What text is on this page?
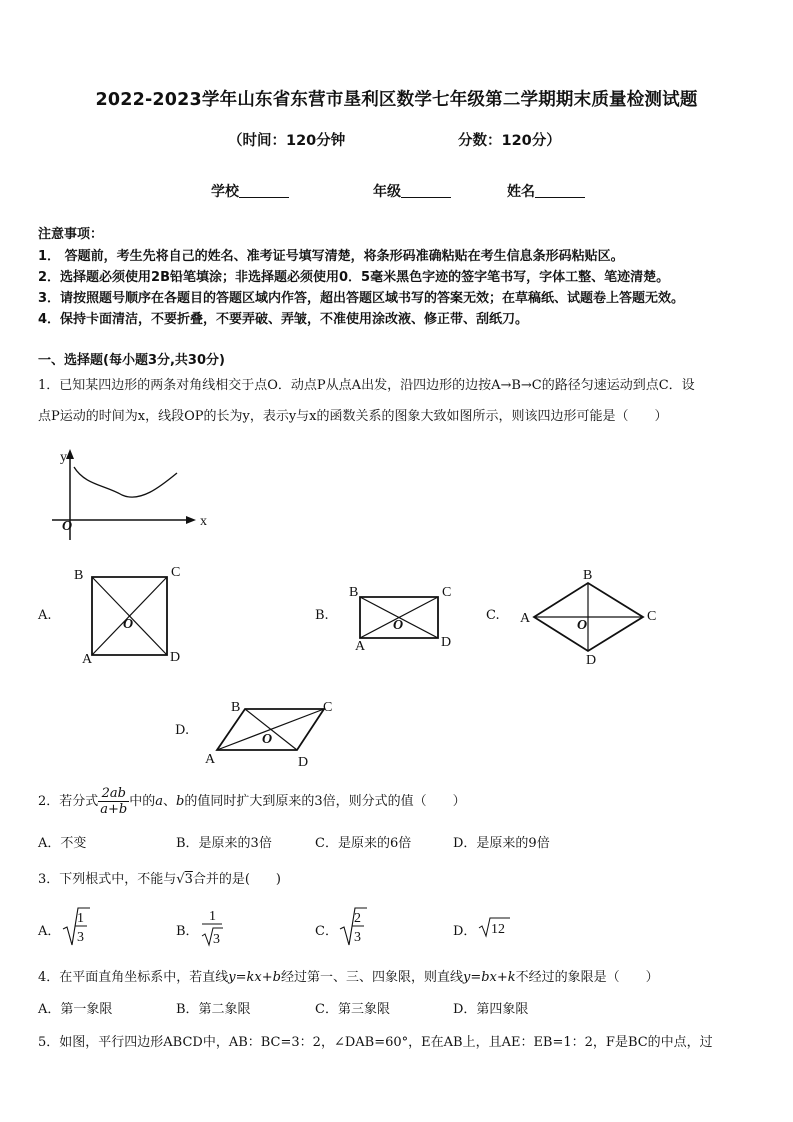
2022-2023学年山东省东营市垦利区数学七年级第二学期期末质量检测试题
（时间：120分钟	分数：120分）
学校	年级	姓名
注意事项：
1． 答题前，考生先将自己的姓名、准考证号填写清楚，将条形码准确粘贴在考生信息条形码粘贴区。
2．选择题必须使用2B铅笔填涂；非选择题必须使用0．5毫米黑色字迹的签字笔书写，字体工整、笔迹清楚。
3．请按照题号顺序在各题目的答题区域内作答，超出答题区域书写的答案无效；在草稿纸、试题卷上答题无效。
4．保持卡面清洁，不要折叠，不要弄破、弄皱，不准使用涂改液、修正带、刮纸刀。
一、选择题(每小题3分,共30分)
1．已知某四边形的两条对角线相交于点O．动点P从点A出发，沿四边形的边按A→B→C的路径匀速运动到点C．设
点P运动的时间为x，线段OP的长为y，表示y与x的函数关系的图象大致如图所示，则该四边形可能是（　　）
y
x
O
A.
B	C
A	D
O
B.
B	C
A	D
O
C. A
B
C
D
O
D.
B	C
A	D
O
2．若分式 $\frac{2ab}{a+b}$ 中的a、b的值同时扩大到原来的3倍，则分式的值（　　）
A．不变	B．是原来的3倍	C．是原来的6倍	D．是原来的9倍
3．下列根式中，不能与√3合并的是(　　)
A．
1
3	B．
1
3
C．
2
3	D． 12
4．在平面直角坐标系中，若直线y=kx+b经过第一、三、四象限，则直线y=bx+k不经过的象限是（　　）
A．第一象限	B．第二象限	C．第三象限	D．第四象限
5．如图，平行四边形ABCD中，AB：BC=3：2，∠DAB=60°，E在AB上，且AE：EB=1：2，F是BC的中点，过
